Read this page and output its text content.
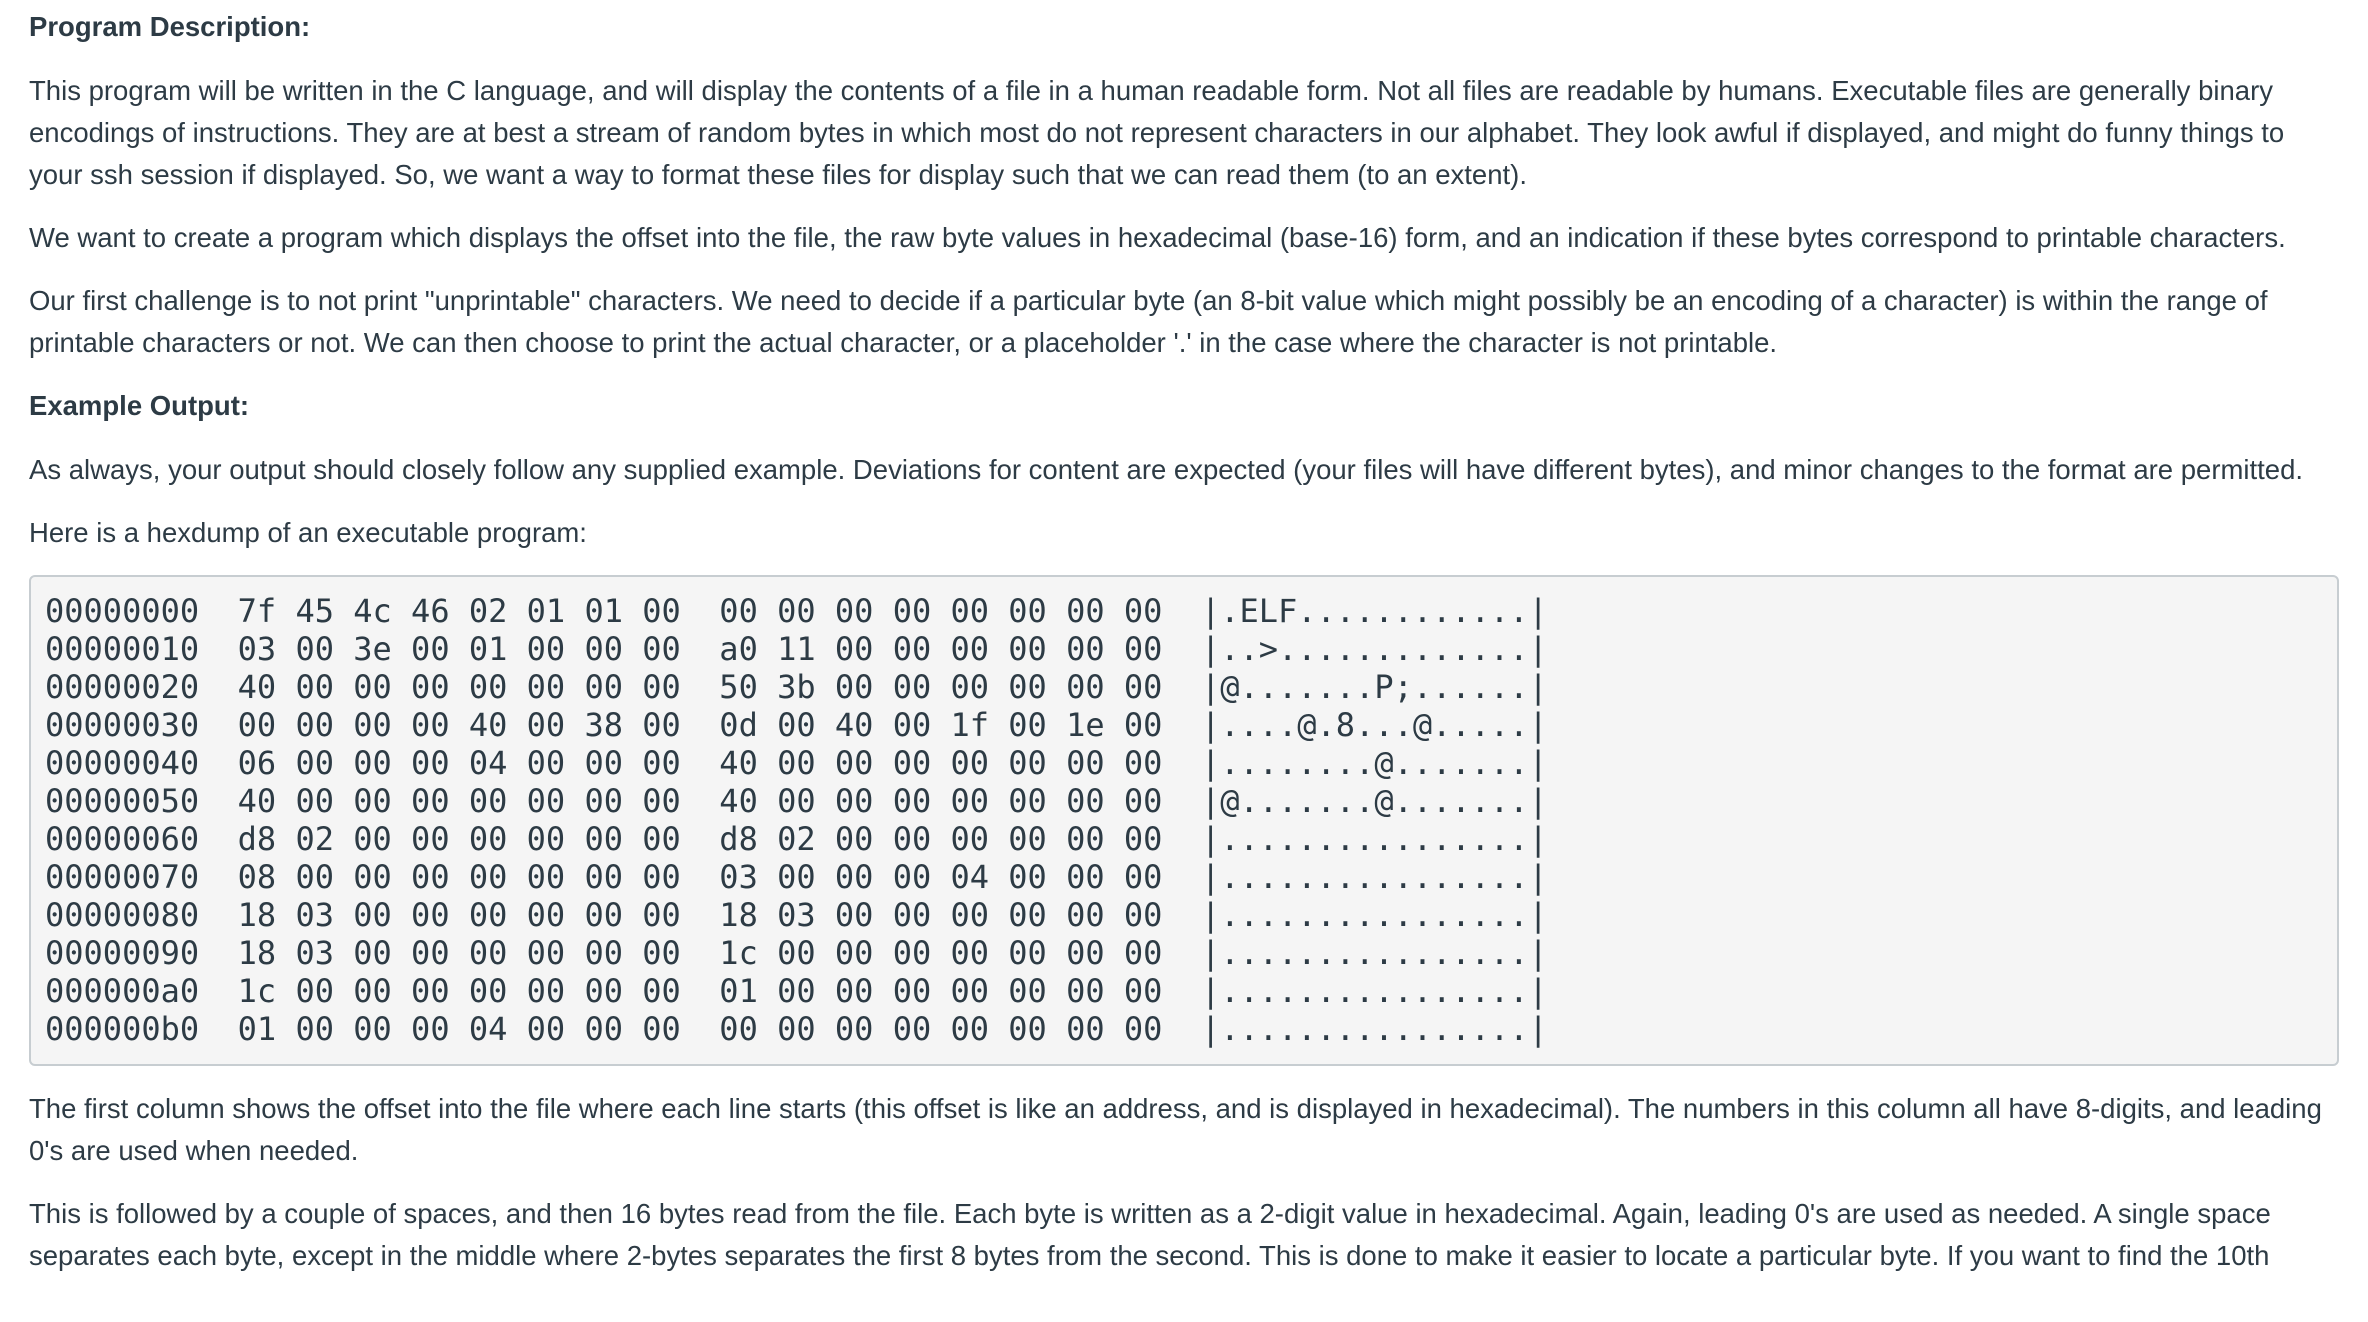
Program Description:

This program will be written in the C language, and will display the contents of a file in a human readable form. Not all files are readable by humans. Executable files are generally binary encodings of instructions. They are at best a stream of random bytes in which most do not represent characters in our alphabet. They look awful if displayed, and might do funny things to your ssh session if displayed. So, we want a way to format these files for display such that we can read them (to an extent).

We want to create a program which displays the offset into the file, the raw byte values in hexadecimal (base-16) form, and an indication if these bytes correspond to printable characters.

Our first challenge is to not print "unprintable" characters. We need to decide if a particular byte (an 8-bit value which might possibly be an encoding of a character) is within the range of printable characters or not. We can then choose to print the actual character, or a placeholder '.' in the case where the character is not printable.

Example Output:

As always, your output should closely follow any supplied example. Deviations for content are expected (your files will have different bytes), and minor changes to the format are permitted.

Here is a hexdump of an executable program:

00000000 7f 45 4c 46 02 01 01 00 00 00 00 00 00 00 00 00 |.ELF............|
00000010 03 00 3e 00 01 00 00 00 a0 11 00 00 00 00 00 00 |..>.............|
00000020 40 00 00 00 00 00 00 00 50 3b 00 00 00 00 00 00 |@.......P;......|
00000030 00 00 00 00 40 00 38 00 0d 00 40 00 1f 00 1e 00 |....@.8...@.....|
00000040 06 00 00 00 04 00 00 00 40 00 00 00 00 00 00 00 |........@.......|
00000050 40 00 00 00 00 00 00 00 40 00 00 00 00 00 00 00 |@.......@.......|
00000060 d8 02 00 00 00 00 00 00 d8 02 00 00 00 00 00 00 |................|
00000070 08 00 00 00 00 00 00 00 03 00 00 00 04 00 00 00 |................|
00000080 18 03 00 00 00 00 00 00 18 03 00 00 00 00 00 00 |................|
00000090 18 03 00 00 00 00 00 00 1c 00 00 00 00 00 00 00 |................|
000000a0 1c 00 00 00 00 00 00 00 01 00 00 00 00 00 00 00 |................|
000000b0 01 00 00 00 04 00 00 00 00 00 00 00 00 00 00 00 |................|

The first column shows the offset into the file where each line starts (this offset is like an address, and is displayed in hexadecimal). The numbers in this column all have 8-digits, and leading 0's are used when needed.

This is followed by a couple of spaces, and then 16 bytes read from the file. Each byte is written as a 2-digit value in hexadecimal. Again, leading 0's are used as needed. A single space separates each byte, except in the middle where 2-bytes separates the first 8 bytes from the second. This is done to make it easier to locate a particular byte. If you want to find the 10th
